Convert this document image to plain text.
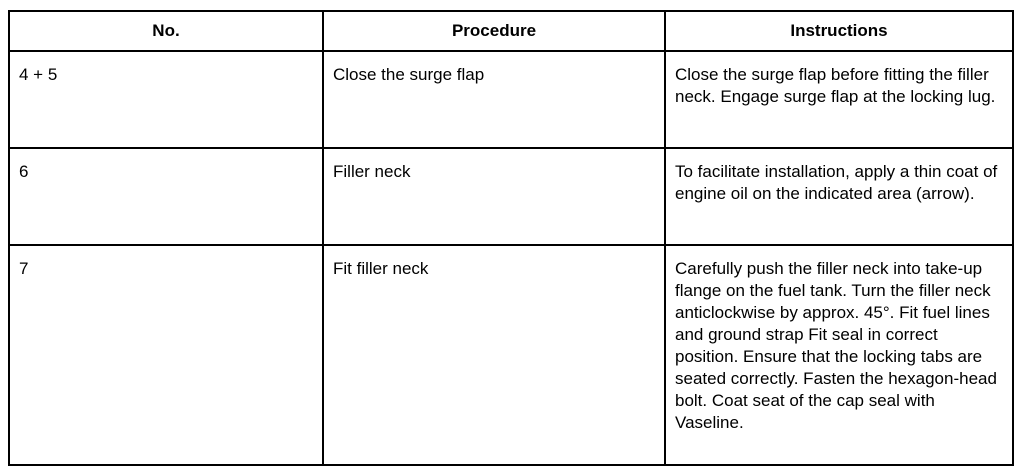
No.	Procedure	Instructions
4 + 5	Close the surge flap	Close the surge flap before fitting the filler neck. Engage surge flap at the locking lug.
6	Filler neck	To facilitate installation, apply a thin coat of engine oil on the indicated area (arrow).
7	Fit filler neck	Carefully push the filler neck into take-up flange on the fuel tank. Turn the filler neck anticlockwise by approx. 45°. Fit fuel lines and ground strap Fit seal in correct position. Ensure that the locking tabs are seated correctly. Fasten the hexagon-head bolt. Coat seat of the cap seal with Vaseline.
